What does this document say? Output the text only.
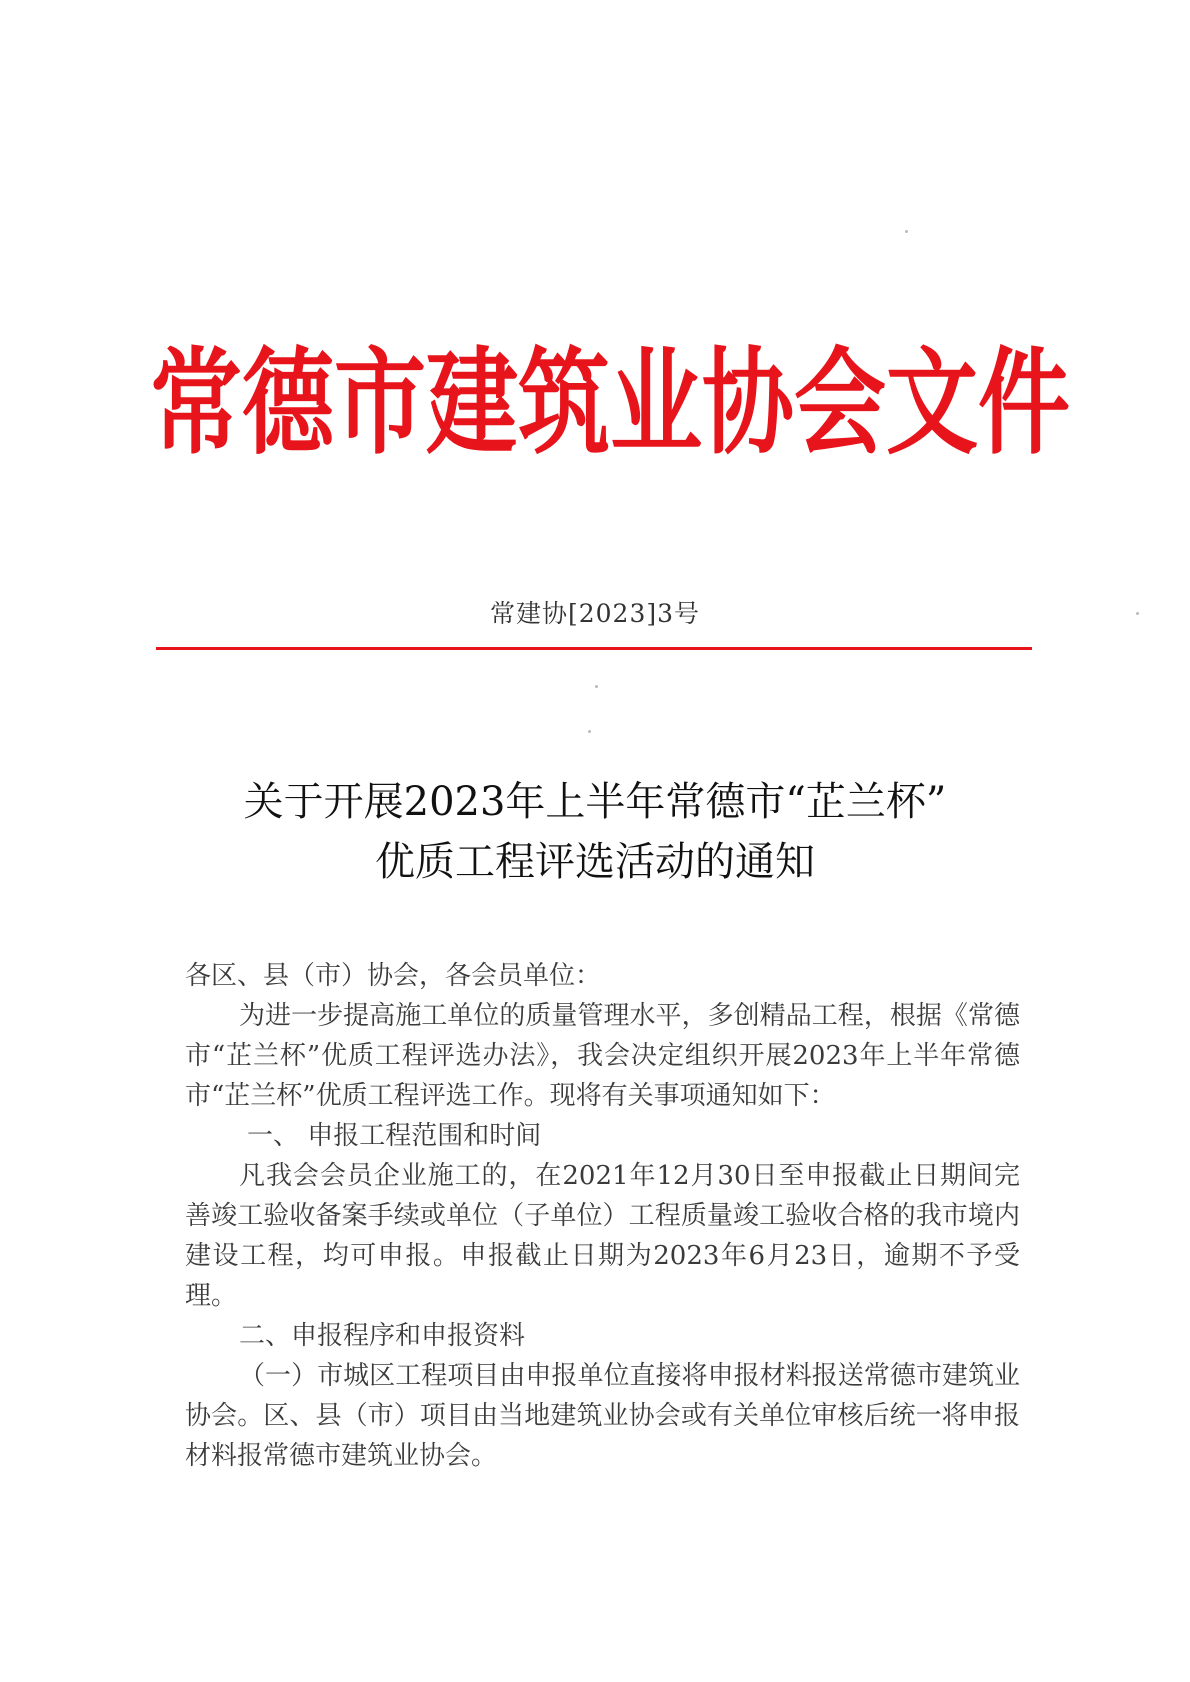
常德市建筑业协会文件
常建协[2023]3号
关于开展2023年上半年常德市“芷兰杯”
优质工程评选活动的通知

各区、县（市）协会，各会员单位：

为进一步提高施工单位的质量管理水平，多创精品工程，根据《常德市“芷兰杯”优质工程评选办法》，我会决定组织开展2023年上半年常德市“芷兰杯”优质工程评选工作。现将有关事项通知如下：

一、 申报工程范围和时间

凡我会会员企业施工的，在2021年12月30日至申报截止日期间完善竣工验收备案手续或单位（子单位）工程质量竣工验收合格的我市境内建设工程，均可申报。申报截止日期为2023年6月23日，逾期不予受理。

二、申报程序和申报资料

（一）市城区工程项目由申报单位直接将申报材料报送常德市建筑业协会。区、县（市）项目由当地建筑业协会或有关单位审核后统一将申报材料报常德市建筑业协会。
